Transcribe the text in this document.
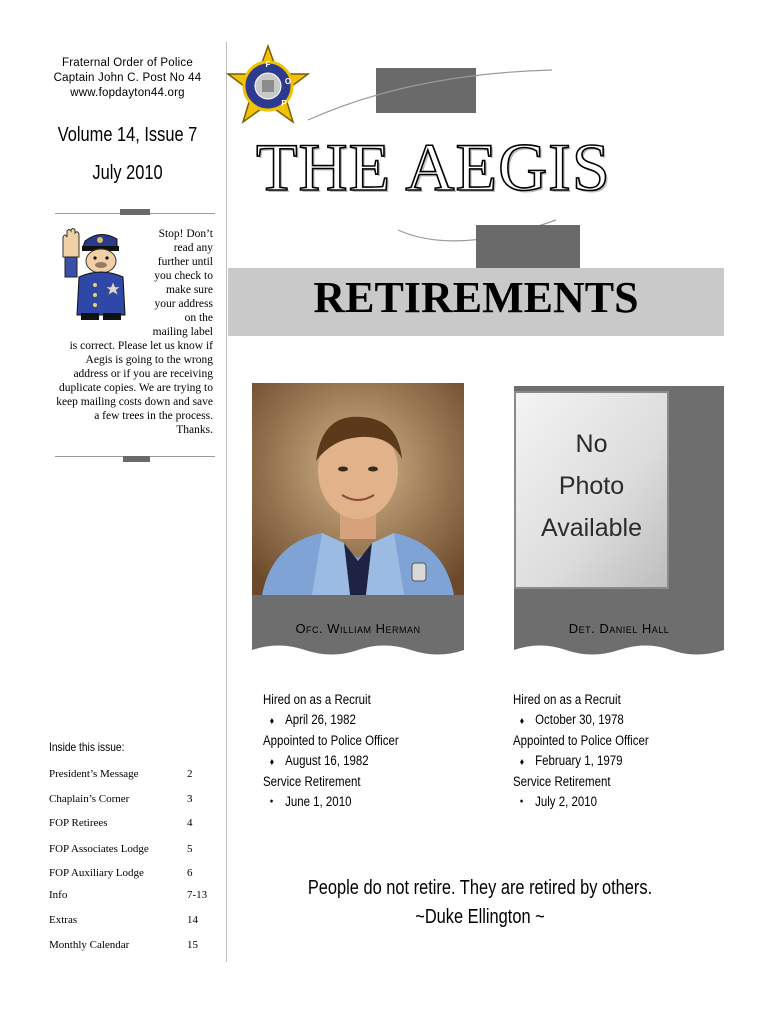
Fraternal Order of Police
Captain John C. Post No 44
www.fopdayton44.org
Volume 14, Issue 7
July 2010

Stop! Don’t read any further until you check to make sure your address on the mailing label is correct. Please let us know if Aegis is going to the wrong address or if you are receiving duplicate copies. We are trying to keep mailing costs down and save a few trees in the process. Thanks.

Inside this issue:
President’s Message	2
Chaplain’s Corner	3
FOP Retirees	4
FOP Associates Lodge	5
FOP Auxiliary Lodge	6
Info	7-13
Extras	14
Monthly Calendar	15
F
O
P
THE AEGIS
RETIREMENTS
Ofc. William Herman
No
Photo
Available
Det. Daniel Hall
Hired on as a Recruit
♦ April 26, 1982
Appointed to Police Officer
♦ August 16, 1982
Service Retirement
● June 1, 2010
Hired on as a Recruit
♦ October 30, 1978
Appointed to Police Officer
♦ February 1, 1979
Service Retirement
● July 2, 2010
People do not retire. They are retired by others.
~Duke Ellington ~
